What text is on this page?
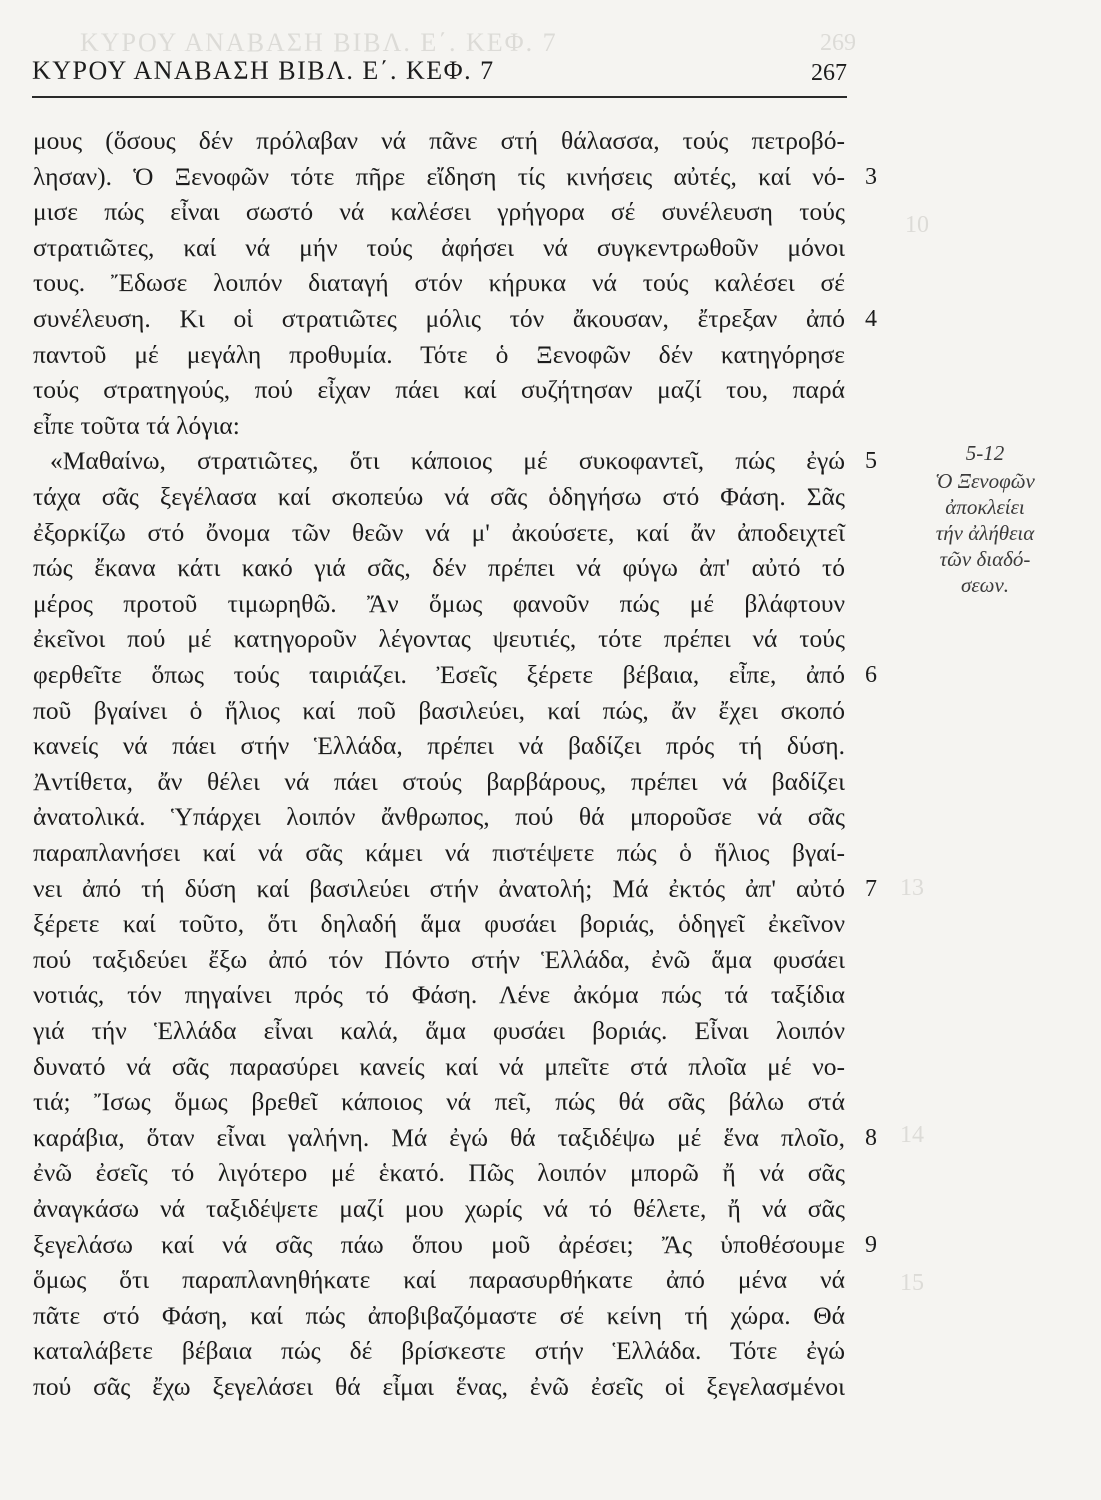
ΚΥΡΟΥ ΑΝΑΒΑΣΗ ΒΙΒΛ. Ε΄. ΚΕΦ. 7	269
10
13
14
15
ΚΥΡΟΥ ΑΝΑΒΑΣΗ ΒΙΒΛ. Ε΄. ΚΕΦ. 7	267
μους (ὅσους δέν πρόλαβαν νά πᾶνε στή θάλασσα, τούς πετροβό-
λησαν). Ὁ Ξενοφῶν τότε πῆρε εἴδηση τίς κινήσεις αὐτές, καί νό- 3
μισε πώς εἶναι σωστό νά καλέσει γρήγορα σέ συνέλευση τούς
στρατιῶτες, καί νά μήν τούς ἀφήσει νά συγκεντρωθοῦν μόνοι
τους. Ἔδωσε λοιπόν διαταγή στόν κήρυκα νά τούς καλέσει σέ
συνέλευση. Κι οἱ στρατιῶτες μόλις τόν ἄκουσαν, ἔτρεξαν ἀπό 4
παντοῦ μέ μεγάλη προθυμία. Τότε ὁ Ξενοφῶν δέν κατηγόρησε
τούς στρατηγούς, πού εἶχαν πάει καί συζήτησαν μαζί του, παρά
εἶπε τοῦτα τά λόγια:
«Μαθαίνω, στρατιῶτες, ὅτι κάποιος μέ συκοφαντεῖ, πώς ἐγώ 5
τάχα σᾶς ξεγέλασα καί σκοπεύω νά σᾶς ὁδηγήσω στό Φάση. Σᾶς
ἐξορκίζω στό ὄνομα τῶν θεῶν νά μ' ἀκούσετε, καί ἄν ἀποδειχτεῖ
πώς ἔκανα κάτι κακό γιά σᾶς, δέν πρέπει νά φύγω ἀπ' αὐτό τό
μέρος προτοῦ τιμωρηθῶ. Ἄν ὅμως φανοῦν πώς μέ βλάφτουν
ἐκεῖνοι πού μέ κατηγοροῦν λέγοντας ψευτιές, τότε πρέπει νά τούς
φερθεῖτε ὅπως τούς ταιριάζει. Ἐσεῖς ξέρετε βέβαια, εἶπε, ἀπό 6
ποῦ βγαίνει ὁ ἥλιος καί ποῦ βασιλεύει, καί πώς, ἄν ἔχει σκοπό
κανείς νά πάει στήν Ἑλλάδα, πρέπει νά βαδίζει πρός τή δύση.
Ἀντίθετα, ἄν θέλει νά πάει στούς βαρβάρους, πρέπει νά βαδίζει
ἀνατολικά. Ὑπάρχει λοιπόν ἄνθρωπος, πού θά μποροῦσε νά σᾶς
παραπλανήσει καί νά σᾶς κάμει νά πιστέψετε πώς ὁ ἥλιος βγαί-
νει ἀπό τή δύση καί βασιλεύει στήν ἀνατολή; Μά ἐκτός ἀπ' αὐτό 7
ξέρετε καί τοῦτο, ὅτι δηλαδή ἅμα φυσάει βοριάς, ὁδηγεῖ ἐκεῖνον
πού ταξιδεύει ἔξω ἀπό τόν Πόντο στήν Ἑλλάδα, ἐνῶ ἅμα φυσάει
νοτιάς, τόν πηγαίνει πρός τό Φάση. Λένε ἀκόμα πώς τά ταξίδια
γιά τήν Ἑλλάδα εἶναι καλά, ἅμα φυσάει βοριάς. Εἶναι λοιπόν
δυνατό νά σᾶς παρασύρει κανείς καί νά μπεῖτε στά πλοῖα μέ νο-
τιά; Ἴσως ὅμως βρεθεῖ κάποιος νά πεῖ, πώς θά σᾶς βάλω στά
καράβια, ὅταν εἶναι γαλήνη. Μά ἐγώ θά ταξιδέψω μέ ἕνα πλοῖο, 8
ἐνῶ ἐσεῖς τό λιγότερο μέ ἑκατό. Πῶς λοιπόν μπορῶ ἤ νά σᾶς
ἀναγκάσω νά ταξιδέψετε μαζί μου χωρίς νά τό θέλετε, ἤ νά σᾶς
ξεγελάσω καί νά σᾶς πάω ὅπου μοῦ ἀρέσει; Ἄς ὑποθέσουμε 9
ὅμως ὅτι παραπλανηθήκατε καί παρασυρθήκατε ἀπό μένα νά
πᾶτε στό Φάση, καί πώς ἀποβιβαζόμαστε σέ κείνη τή χώρα. Θά
καταλάβετε βέβαια πώς δέ βρίσκεστε στήν Ἑλλάδα. Τότε ἐγώ
πού σᾶς ἔχω ξεγελάσει θά εἶμαι ἕνας, ἐνῶ ἐσεῖς οἱ ξεγελασμένοι
5-12
Ὁ Ξενοφῶν
ἀποκλείει
τήν ἀλήθεια
τῶν διαδό-
σεων.
